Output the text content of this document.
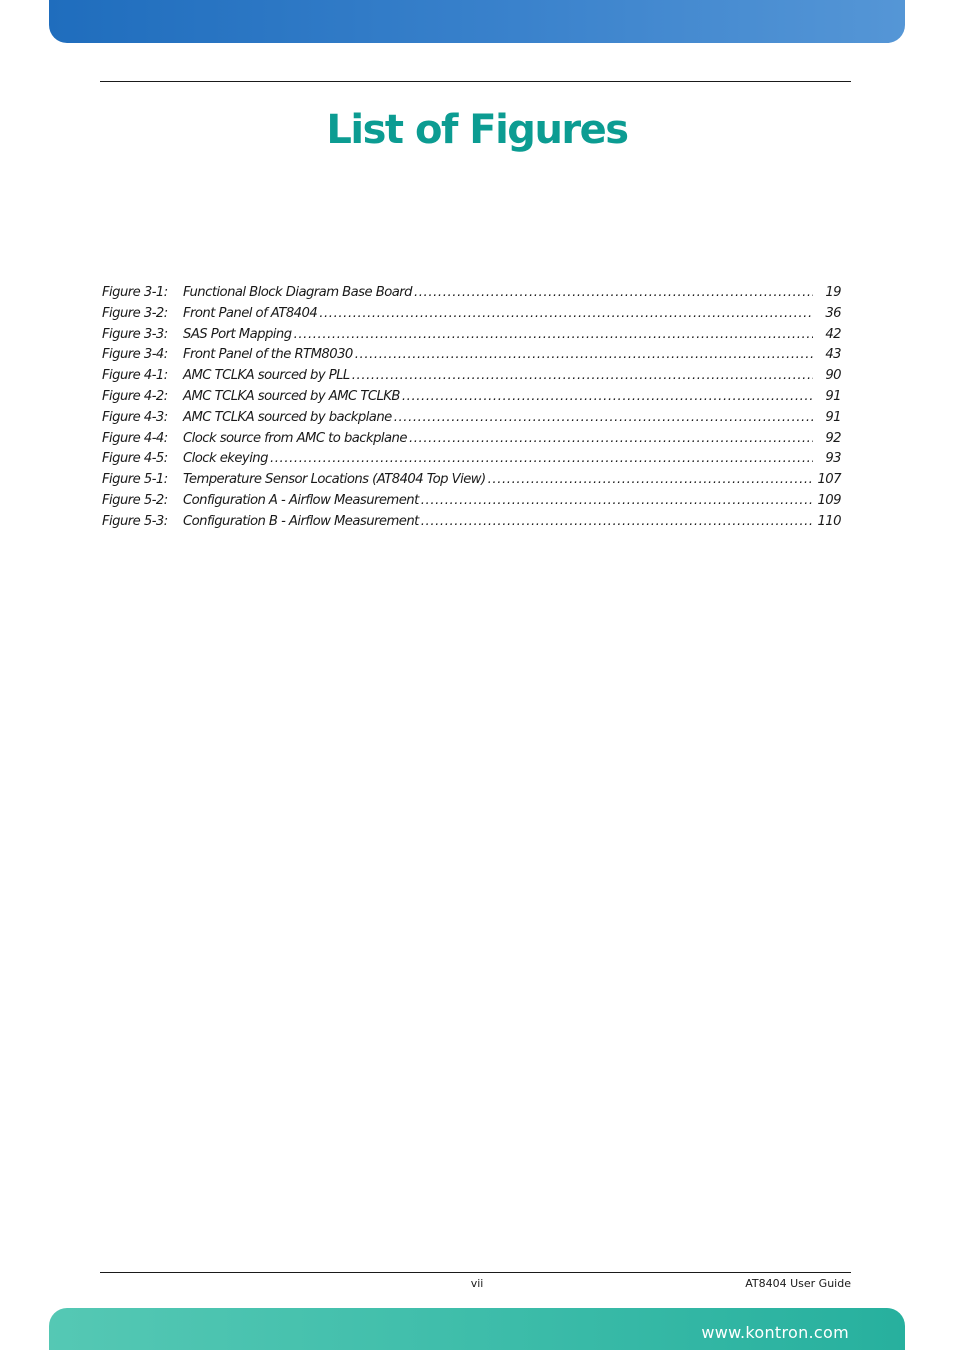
List of Figures
Figure 3-1:	Functional Block Diagram Base Board .....	19
Figure 3-2:	Front Panel of AT8404 .....	36
Figure 3-3:	SAS Port Mapping .....	42
Figure 3-4:	Front Panel of the RTM8030 .....	43
Figure 4-1:	AMC TCLKA sourced by PLL .....	90
Figure 4-2:	AMC TCLKA sourced by AMC TCLKB .....	91
Figure 4-3:	AMC TCLKA sourced by backplane .....	91
Figure 4-4:	Clock source from AMC to backplane .....	92
Figure 4-5:	Clock ekeying .....	93
Figure 5-1:	Temperature Sensor Locations (AT8404 Top View) .....	107
Figure 5-2:	Configuration A - Airflow Measurement .....	109
Figure 5-3:	Configuration B - Airflow Measurement .....	110
vii	AT8404 User Guide
www.kontron.com
